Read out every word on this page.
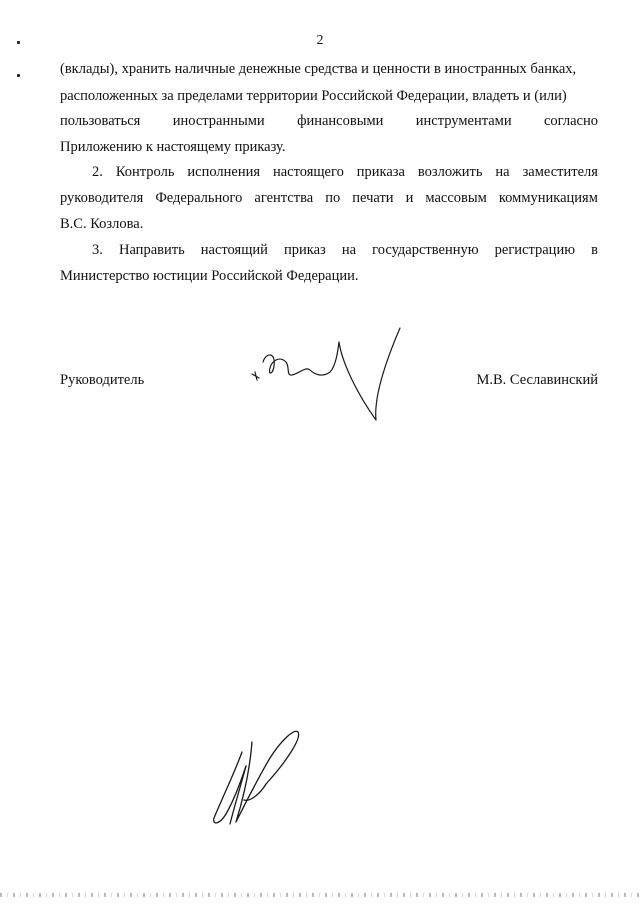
2
(вклады), хранить наличные денежные средства и ценности в иностранных банках,
расположенных за пределами территории Российской Федерации, владеть и (или)
пользоваться иностранными финансовыми инструментами согласно
Приложению к настоящему приказу.
2. Контроль исполнения настоящего приказа возложить на заместителя
руководителя Федерального агентства по печати и массовым коммуникациям
В.С. Козлова.
3. Направить настоящий приказ на государственную регистрацию в
Министерство юстиции Российской Федерации.
Руководитель	М.В. Сеславинский
